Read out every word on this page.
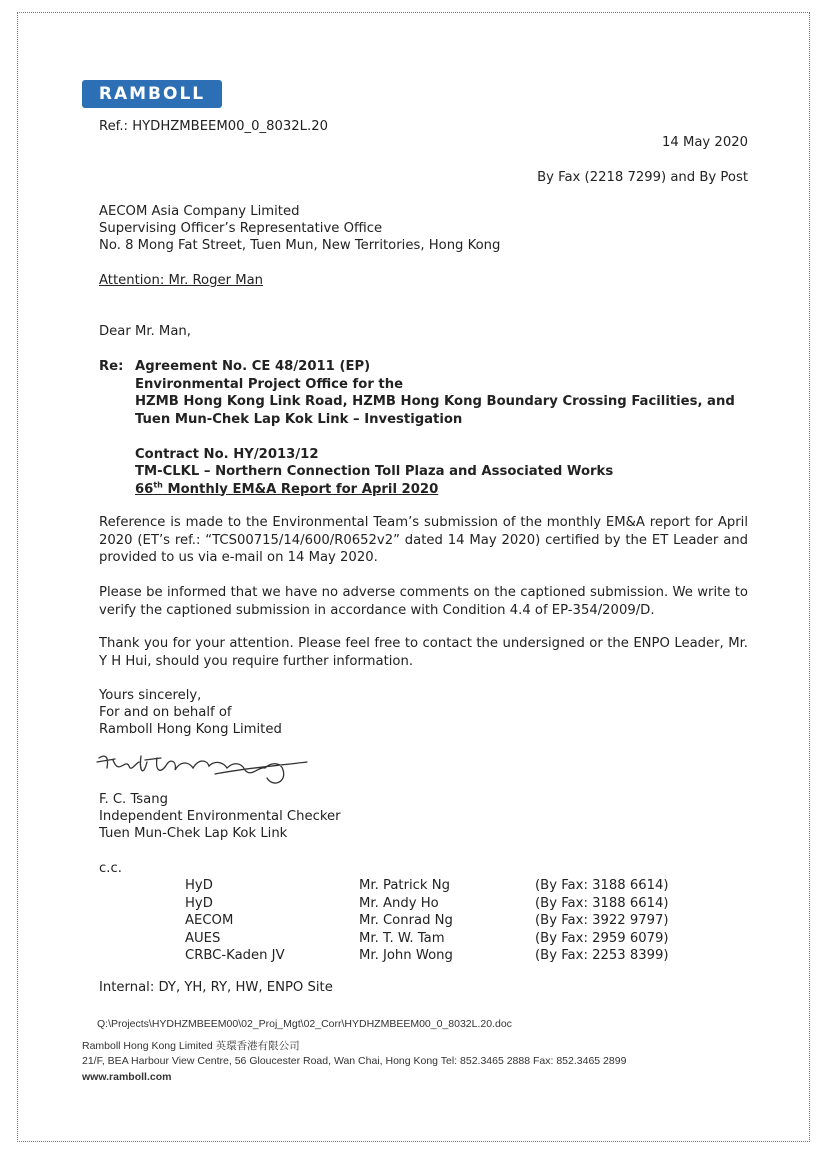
RAMBOLL
Ref.: HYDHZMBEEM00_0_8032L.20
14 May 2020
By Fax (2218 7299) and By Post
AECOM Asia Company Limited
Supervising Officer’s Representative Office
No. 8 Mong Fat Street, Tuen Mun, New Territories, Hong Kong
Attention: Mr. Roger Man
Dear Mr. Man,
Re: Agreement No. CE 48/2011 (EP)
Environmental Project Office for the
HZMB Hong Kong Link Road, HZMB Hong Kong Boundary Crossing Facilities, and
Tuen Mun-Chek Lap Kok Link – Investigation
Contract No. HY/2013/12
TM-CLKL – Northern Connection Toll Plaza and Associated Works
66th Monthly EM&A Report for April 2020
Reference is made to the Environmental Team’s submission of the monthly EM&A report for April 2020 (ET’s ref.: “TCS00715/14/600/R0652v2” dated 14 May 2020) certified by the ET Leader and provided to us via e-mail on 14 May 2020.
Please be informed that we have no adverse comments on the captioned submission. We write to verify the captioned submission in accordance with Condition 4.4 of EP-354/2009/D.
Thank you for your attention. Please feel free to contact the undersigned or the ENPO Leader, Mr. Y H Hui, should you require further information.
Yours sincerely,
For and on behalf of
Ramboll Hong Kong Limited
F. C. Tsang
Independent Environmental Checker
Tuen Mun-Chek Lap Kok Link
c.c.
HyD	Mr. Patrick Ng	(By Fax: 3188 6614)
HyD	Mr. Andy Ho	(By Fax: 3188 6614)
AECOM	Mr. Conrad Ng	(By Fax: 3922 9797)
AUES	Mr. T. W. Tam	(By Fax: 2959 6079)
CRBC-Kaden JV	Mr. John Wong	(By Fax: 2253 8399)
Internal: DY, YH, RY, HW, ENPO Site
Q:\Projects\HYDHZMBEEM00\02_Proj_Mgt\02_Corr\HYDHZMBEEM00_0_8032L.20.doc
Ramboll Hong Kong Limited 英環香港有限公司
21/F, BEA Harbour View Centre, 56 Gloucester Road, Wan Chai, Hong Kong Tel: 852.3465 2888 Fax: 852.3465 2899
www.ramboll.com
